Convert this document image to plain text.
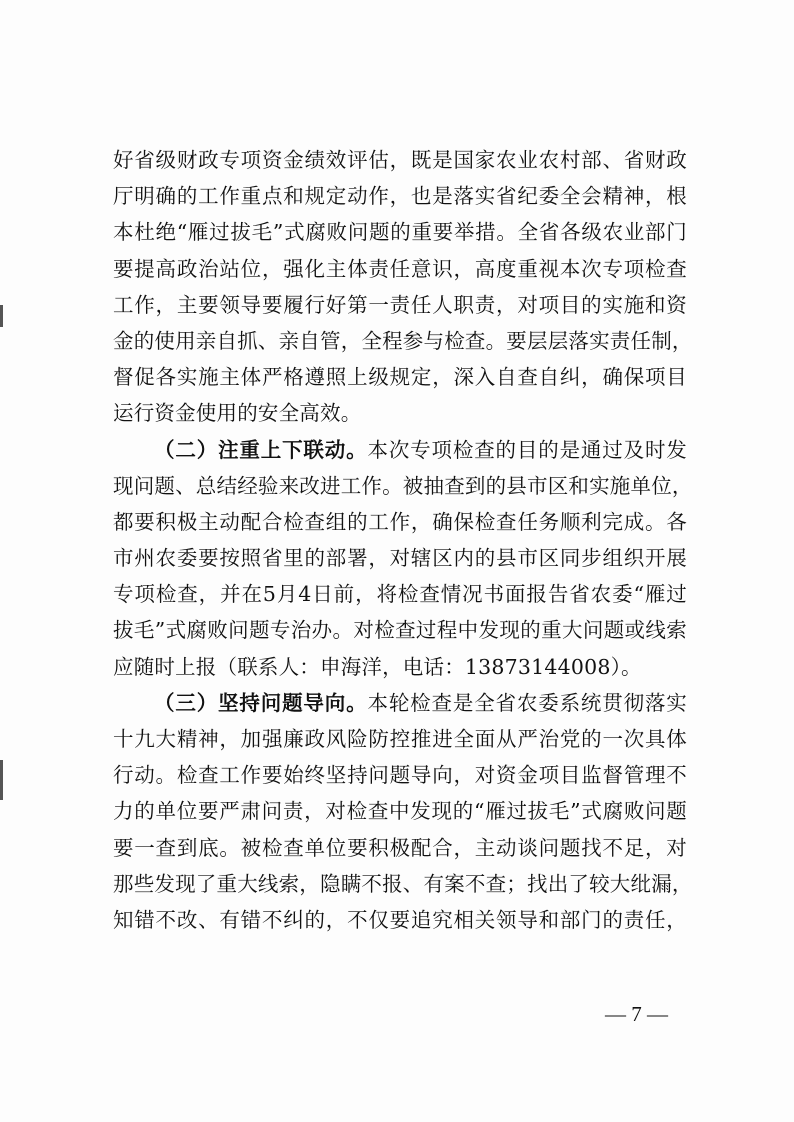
好省级财政专项资金绩效评估，既是国家农业农村部、省财政
厅明确的工作重点和规定动作，也是落实省纪委全会精神，根
本杜绝“雁过拔毛”式腐败问题的重要举措。全省各级农业部门
要提高政治站位，强化主体责任意识，高度重视本次专项检查
工作，主要领导要履行好第一责任人职责，对项目的实施和资
金的使用亲自抓、亲自管，全程参与检查。要层层落实责任制，
督促各实施主体严格遵照上级规定，深入自查自纠，确保项目
运行资金使用的安全高效。
（二）注重上下联动。本次专项检查的目的是通过及时发
现问题、总结经验来改进工作。被抽查到的县市区和实施单位，
都要积极主动配合检查组的工作，确保检查任务顺利完成。各
市州农委要按照省里的部署，对辖区内的县市区同步组织开展
专项检查，并在5月4日前，将检查情况书面报告省农委“雁过
拔毛”式腐败问题专治办。对检查过程中发现的重大问题或线索
应随时上报（联系人：申海洋，电话：13873144008）。
（三）坚持问题导向。本轮检查是全省农委系统贯彻落实
十九大精神，加强廉政风险防控推进全面从严治党的一次具体
行动。检查工作要始终坚持问题导向，对资金项目监督管理不
力的单位要严肃问责，对检查中发现的“雁过拔毛”式腐败问题
要一查到底。被检查单位要积极配合，主动谈问题找不足，对
那些发现了重大线索，隐瞒不报、有案不查；找出了较大纰漏，
知错不改、有错不纠的，不仅要追究相关领导和部门的责任，
— 7 —
